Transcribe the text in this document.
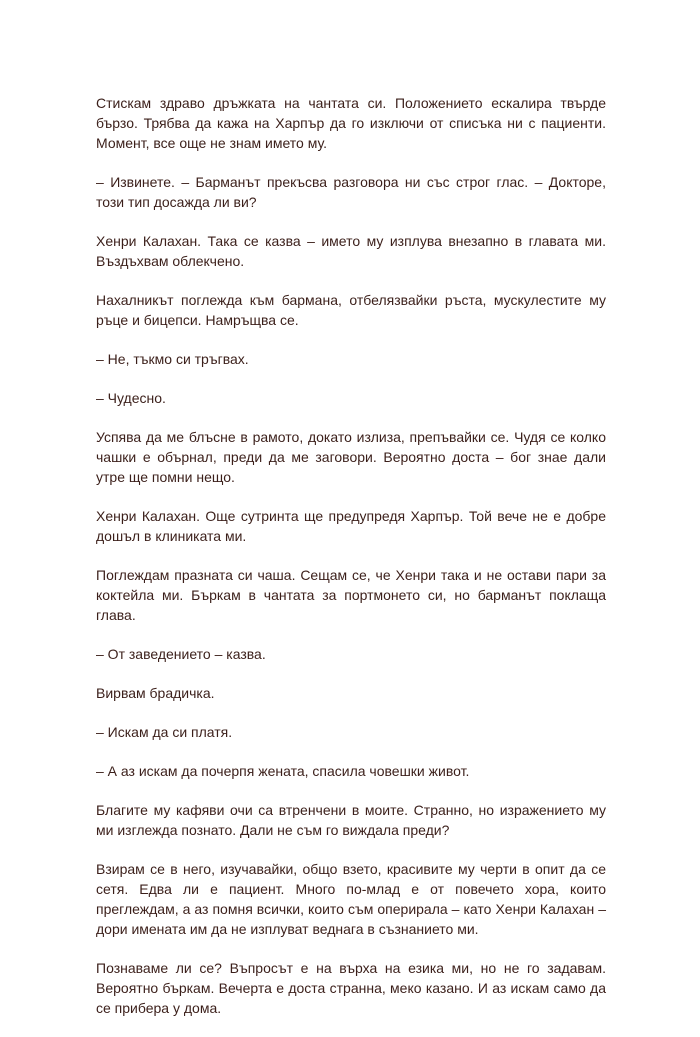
Стискам здраво дръжката на чантата си. Положението ескалира твърде бързо. Трябва да кажа на Харпър да го изключи от списъка ни с пациенти. Момент, все още не знам името му.

– Извинете. – Барманът прекъсва разговора ни със строг глас. – Докторе, този тип досажда ли ви?

Хенри Калахан. Така се казва – името му изплува внезапно в главата ми. Въздъхвам облекчено.

Нахалникът поглежда към бармана, отбелязвайки ръста, мускулестите му ръце и бицепси. Намръщва се.

– Не, тъкмо си тръгвах.

– Чудесно.

Успява да ме блъсне в рамото, докато излиза, препъвайки се. Чудя се колко чашки е обърнал, преди да ме заговори. Вероятно доста – бог знае дали утре ще помни нещо.

Хенри Калахан. Още сутринта ще предупредя Харпър. Той вече не е добре дошъл в клиниката ми.

Поглеждам празната си чаша. Сещам се, че Хенри така и не остави пари за коктейла ми. Бъркам в чантата за портмонето си, но барманът поклаща глава.

– От заведението – казва.

Вирвам брадичка.

– Искам да си платя.

– А аз искам да почерпя жената, спасила човешки живот.

Благите му кафяви очи са втренчени в моите. Странно, но изражението му ми изглежда познато. Дали не съм го виждала преди?

Взирам се в него, изучавайки, общо взето, красивите му черти в опит да се сетя. Едва ли е пациент. Много по-млад е от повечето хора, които преглеждам, а аз помня всички, които съм оперирала – като Хенри Калахан – дори имената им да не изплуват веднага в съзнанието ми.

Познаваме ли се? Въпросът е на върха на езика ми, но не го задавам. Вероятно бъркам. Вечерта е доста странна, меко казано. И аз искам само да се прибера у дома.
